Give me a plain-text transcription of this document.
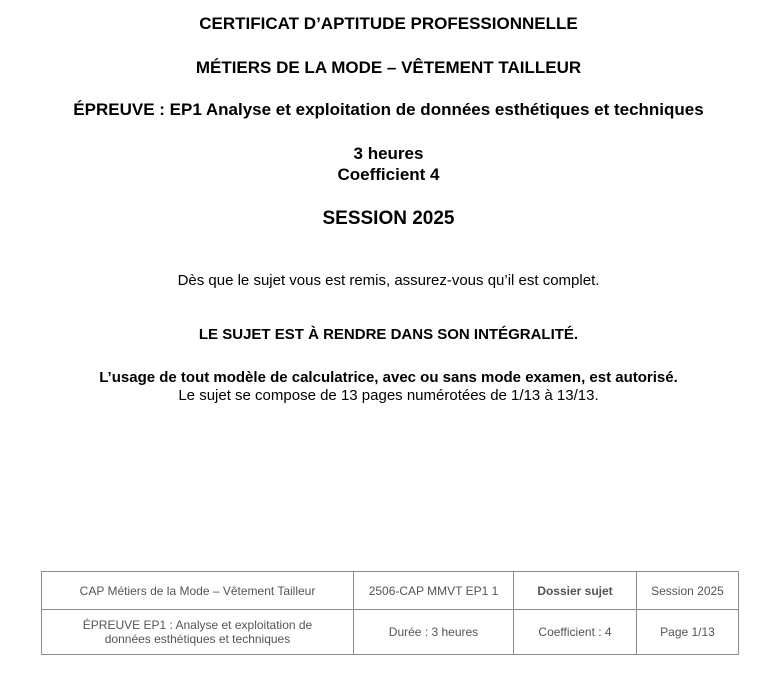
CERTIFICAT D’APTITUDE PROFESSIONNELLE
MÉTIERS DE LA MODE – VÊTEMENT TAILLEUR
ÉPREUVE : EP1 Analyse et exploitation de données esthétiques et techniques
3 heures
Coefficient 4
SESSION 2025
Dès que le sujet vous est remis, assurez-vous qu’il est complet.
LE SUJET EST À RENDRE DANS SON INTÉGRALITÉ.
L’usage de tout modèle de calculatrice, avec ou sans mode examen, est autorisé.
Le sujet se compose de 13 pages numérotées de 1/13 à 13/13.
CAP Métiers de la Mode – Vêtement Tailleur	2506-CAP MMVT EP1 1	Dossier sujet	Session 2025
ÉPREUVE EP1 : Analyse et exploitation de
données esthétiques et techniques	Durée : 3 heures	Coefficient : 4	Page 1/13
